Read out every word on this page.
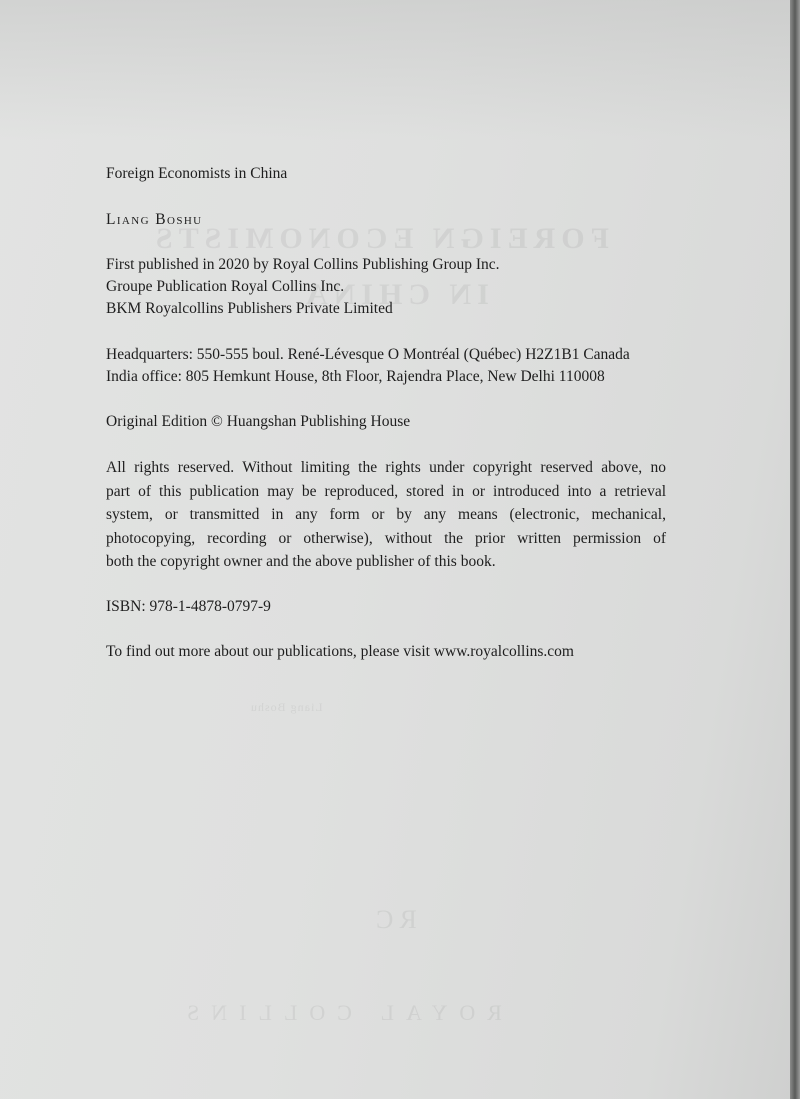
FOREIGN ECONOMISTS
IN CHINA
Liang Boshu
RC
ROYAL COLLINS
Foreign Economists in China
Liang Boshu
First published in 2020 by Royal Collins Publishing Group Inc.
Groupe Publication Royal Collins Inc.
BKM Royalcollins Publishers Private Limited
Headquarters: 550-555 boul. René-Lévesque O Montréal (Québec) H2Z1B1 Canada
India office: 805 Hemkunt House, 8th Floor, Rajendra Place, New Delhi 110008
Original Edition © Huangshan Publishing House
All rights reserved. Without limiting the rights under copyright reserved above, no
part of this publication may be reproduced, stored in or introduced into a retrieval
system, or transmitted in any form or by any means (electronic, mechanical,
photocopying, recording or otherwise), without the prior written permission of
both the copyright owner and the above publisher of this book.
ISBN: 978-1-4878-0797-9
To find out more about our publications, please visit www.royalcollins.com
